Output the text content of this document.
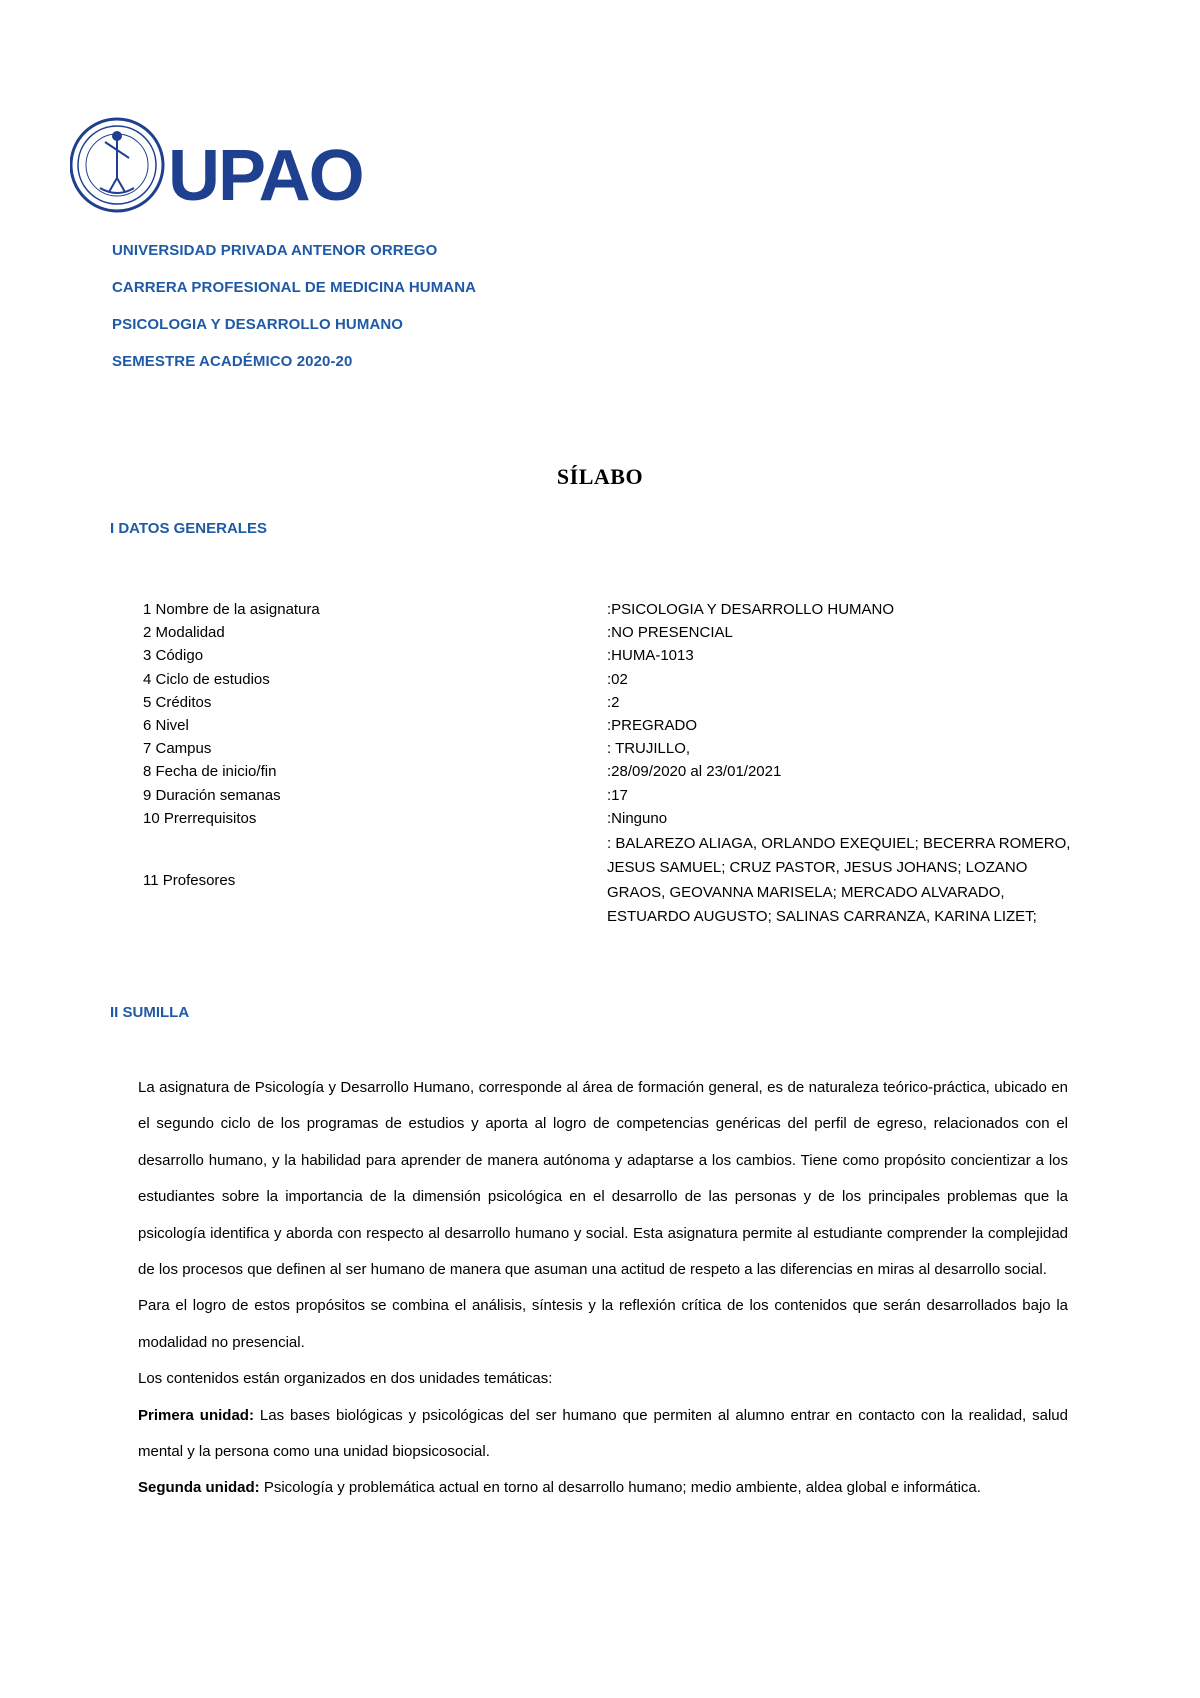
UPAO
UNIVERSIDAD PRIVADA ANTENOR ORREGO
CARRERA PROFESIONAL DE MEDICINA HUMANA
PSICOLOGIA Y DESARROLLO HUMANO
SEMESTRE ACADÉMICO 2020-20
SÍLABO
I DATOS GENERALES
1 Nombre de la asignatura	:PSICOLOGIA Y DESARROLLO HUMANO
2 Modalidad	:NO PRESENCIAL
3 Código	:HUMA-1013
4 Ciclo de estudios	:02
5 Créditos	:2
6 Nivel	:PREGRADO
7 Campus	: TRUJILLO,
8 Fecha de inicio/fin	:28/09/2020 al 23/01/2021
9 Duración semanas	:17
10 Prerrequisitos	:Ninguno
11 Profesores
: BALAREZO ALIAGA, ORLANDO EXEQUIEL; BECERRA ROMERO, JESUS SAMUEL; CRUZ PASTOR, JESUS JOHANS; LOZANO GRAOS, GEOVANNA MARISELA; MERCADO ALVARADO, ESTUARDO AUGUSTO; SALINAS CARRANZA, KARINA LIZET;
II SUMILLA

La asignatura de Psicología y Desarrollo Humano, corresponde al área de formación general, es de naturaleza teórico-práctica, ubicado en el segundo ciclo de los programas de estudios y aporta al logro de competencias genéricas del perfil de egreso, relacionados con el desarrollo humano, y la habilidad para aprender de manera autónoma y adaptarse a los cambios. Tiene como propósito concientizar a los estudiantes sobre la importancia de la dimensión psicológica en el desarrollo de las personas y de los principales problemas que la psicología identifica y aborda con respecto al desarrollo humano y social. Esta asignatura permite al estudiante comprender la complejidad de los procesos que definen al ser humano de manera que asuman una actitud de respeto a las diferencias en miras al desarrollo social.

Para el logro de estos propósitos se combina el análisis, síntesis y la reflexión crítica de los contenidos que serán desarrollados bajo la modalidad no presencial.

Los contenidos están organizados en dos unidades temáticas:

Primera unidad: Las bases biológicas y psicológicas del ser humano que permiten al alumno entrar en contacto con la realidad, salud mental y la persona como una unidad biopsicosocial.

Segunda unidad: Psicología y problemática actual en torno al desarrollo humano; medio ambiente, aldea global e informática.
